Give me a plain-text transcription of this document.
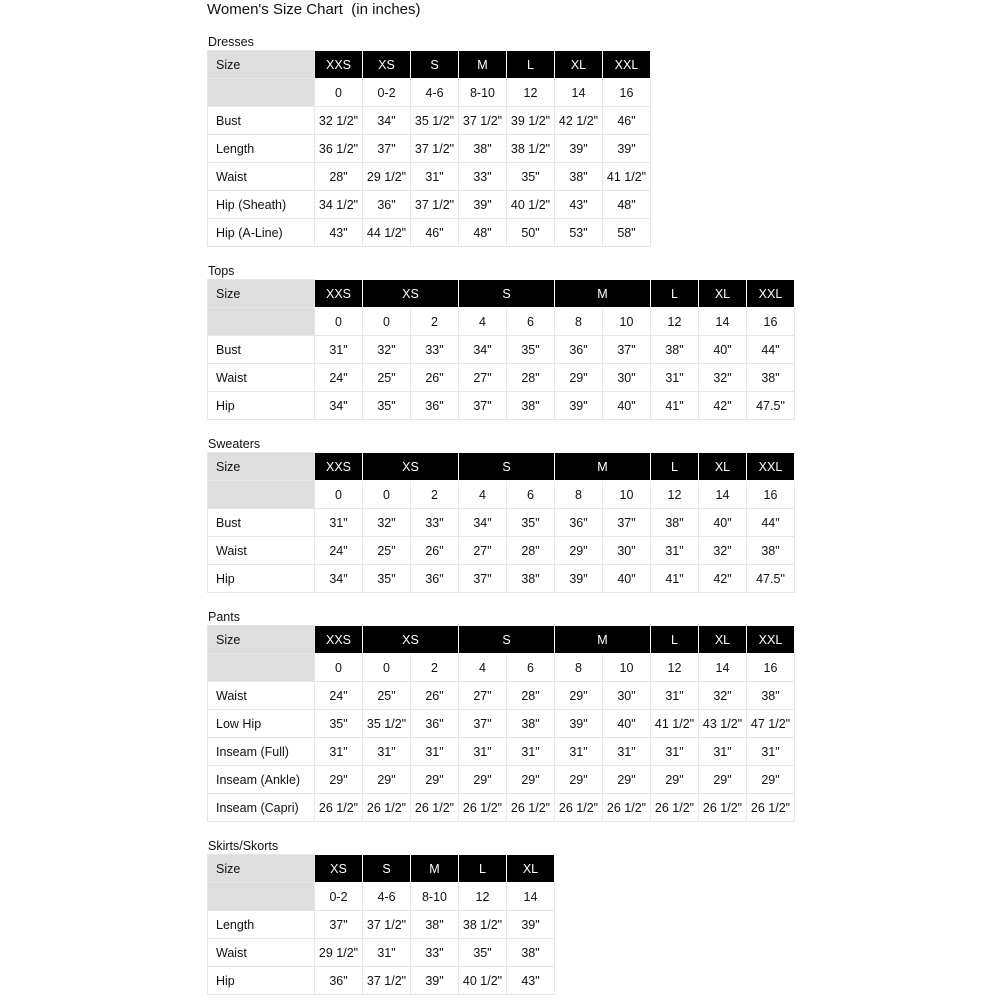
Women's Size Chart  (in inches)
Dresses
Size	XXS	XS	S	M	L	XL	XXL
	0	0-2	4-6	8-10	12	14	16
Bust	32 1/2"	34"	35 1/2"	37 1/2"	39 1/2"	42 1/2"	46"
Length	36 1/2"	37"	37 1/2"	38"	38 1/2"	39"	39"
Waist	28"	29 1/2"	31"	33"	35"	38"	41 1/2"
Hip (Sheath)	34 1/2"	36"	37 1/2"	39"	40 1/2"	43"	48"
Hip (A-Line)	43"	44 1/2"	46"	48"	50"	53"	58"
Tops
Size	XXS	XS		S		M		L	XL	XXL
	0	0	2	4	6	8	10	12	14	16
Bust	31"	32"	33"	34"	35"	36"	37"	38"	40"	44"
Waist	24"	25"	26"	27"	28"	29"	30"	31"	32"	38"
Hip	34"	35"	36"	37"	38"	39"	40"	41"	42"	47.5"
Sweaters
Size	XXS	XS		S		M		L	XL	XXL
	0	0	2	4	6	8	10	12	14	16
Bust	31"	32"	33"	34"	35"	36"	37"	38"	40"	44"
Waist	24"	25"	26"	27"	28"	29"	30"	31"	32"	38"
Hip	34"	35"	36"	37"	38"	39"	40"	41"	42"	47.5"
Pants
Size	XXS	XS		S		M		L	XL	XXL
	0	0	2	4	6	8	10	12	14	16
Waist	24"	25"	26"	27"	28"	29"	30"	31"	32"	38"
Low Hip	35"	35 1/2"	36"	37"	38"	39"	40"	41 1/2"	43 1/2"	47 1/2"
Inseam (Full)	31"	31"	31"	31"	31"	31"	31"	31"	31"	31"
Inseam (Ankle)	29"	29"	29"	29"	29"	29"	29"	29"	29"	29"
Inseam (Capri)	26 1/2"	26 1/2"	26 1/2"	26 1/2"	26 1/2"	26 1/2"	26 1/2"	26 1/2"	26 1/2"	26 1/2"
Skirts/Skorts
Size	XS	S	M	L	XL
	0-2	4-6	8-10	12	14
Length	37"	37 1/2"	38"	38 1/2"	39"
Waist	29 1/2"	31"	33"	35"	38"
Hip	36"	37 1/2"	39"	40 1/2"	43"
